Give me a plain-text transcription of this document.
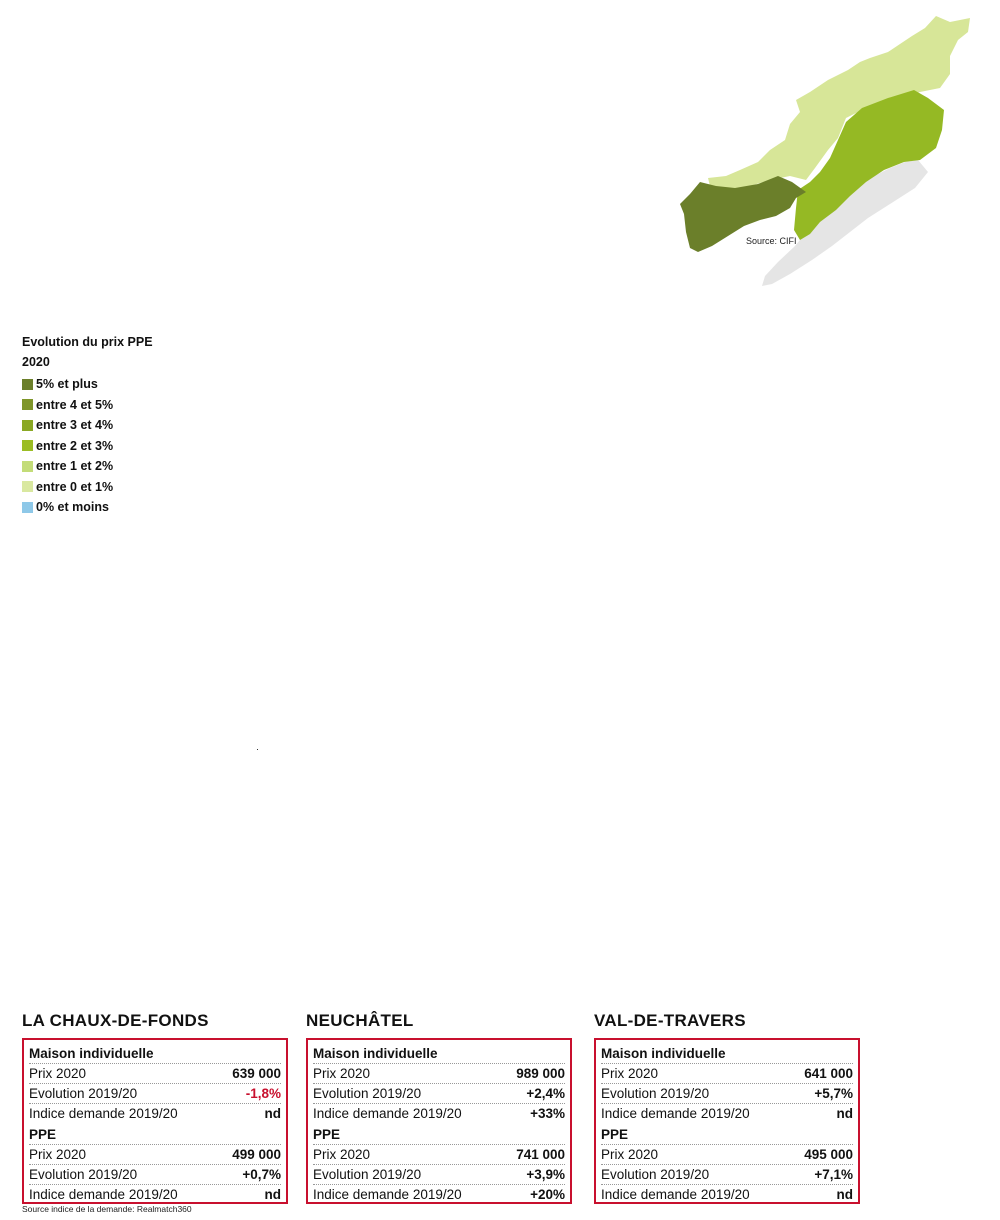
Source: CIFI
Evolution du prix PPE
2020
5% et plus
entre 4 et 5%
entre 3 et 4%
entre 2 et 3%
entre 1 et 2%
entre 0 et 1%
0% et moins
LA CHAUX-DE-FONDS
Maison individuelle
Prix 2020	639 000
Evolution 2019/20	-1,8%
Indice demande 2019/20	nd
PPE
Prix 2020	499 000
Evolution 2019/20	+0,7%
Indice demande 2019/20	nd
NEUCHÂTEL
Maison individuelle
Prix 2020	989 000
Evolution 2019/20	+2,4%
Indice demande 2019/20	+33%
PPE
Prix 2020	741 000
Evolution 2019/20	+3,9%
Indice demande 2019/20	+20%
VAL-DE-TRAVERS
Maison individuelle
Prix 2020	641 000
Evolution 2019/20	+5,7%
Indice demande 2019/20	nd
PPE
Prix 2020	495 000
Evolution 2019/20	+7,1%
Indice demande 2019/20	nd
Source indice de la demande: Realmatch360
